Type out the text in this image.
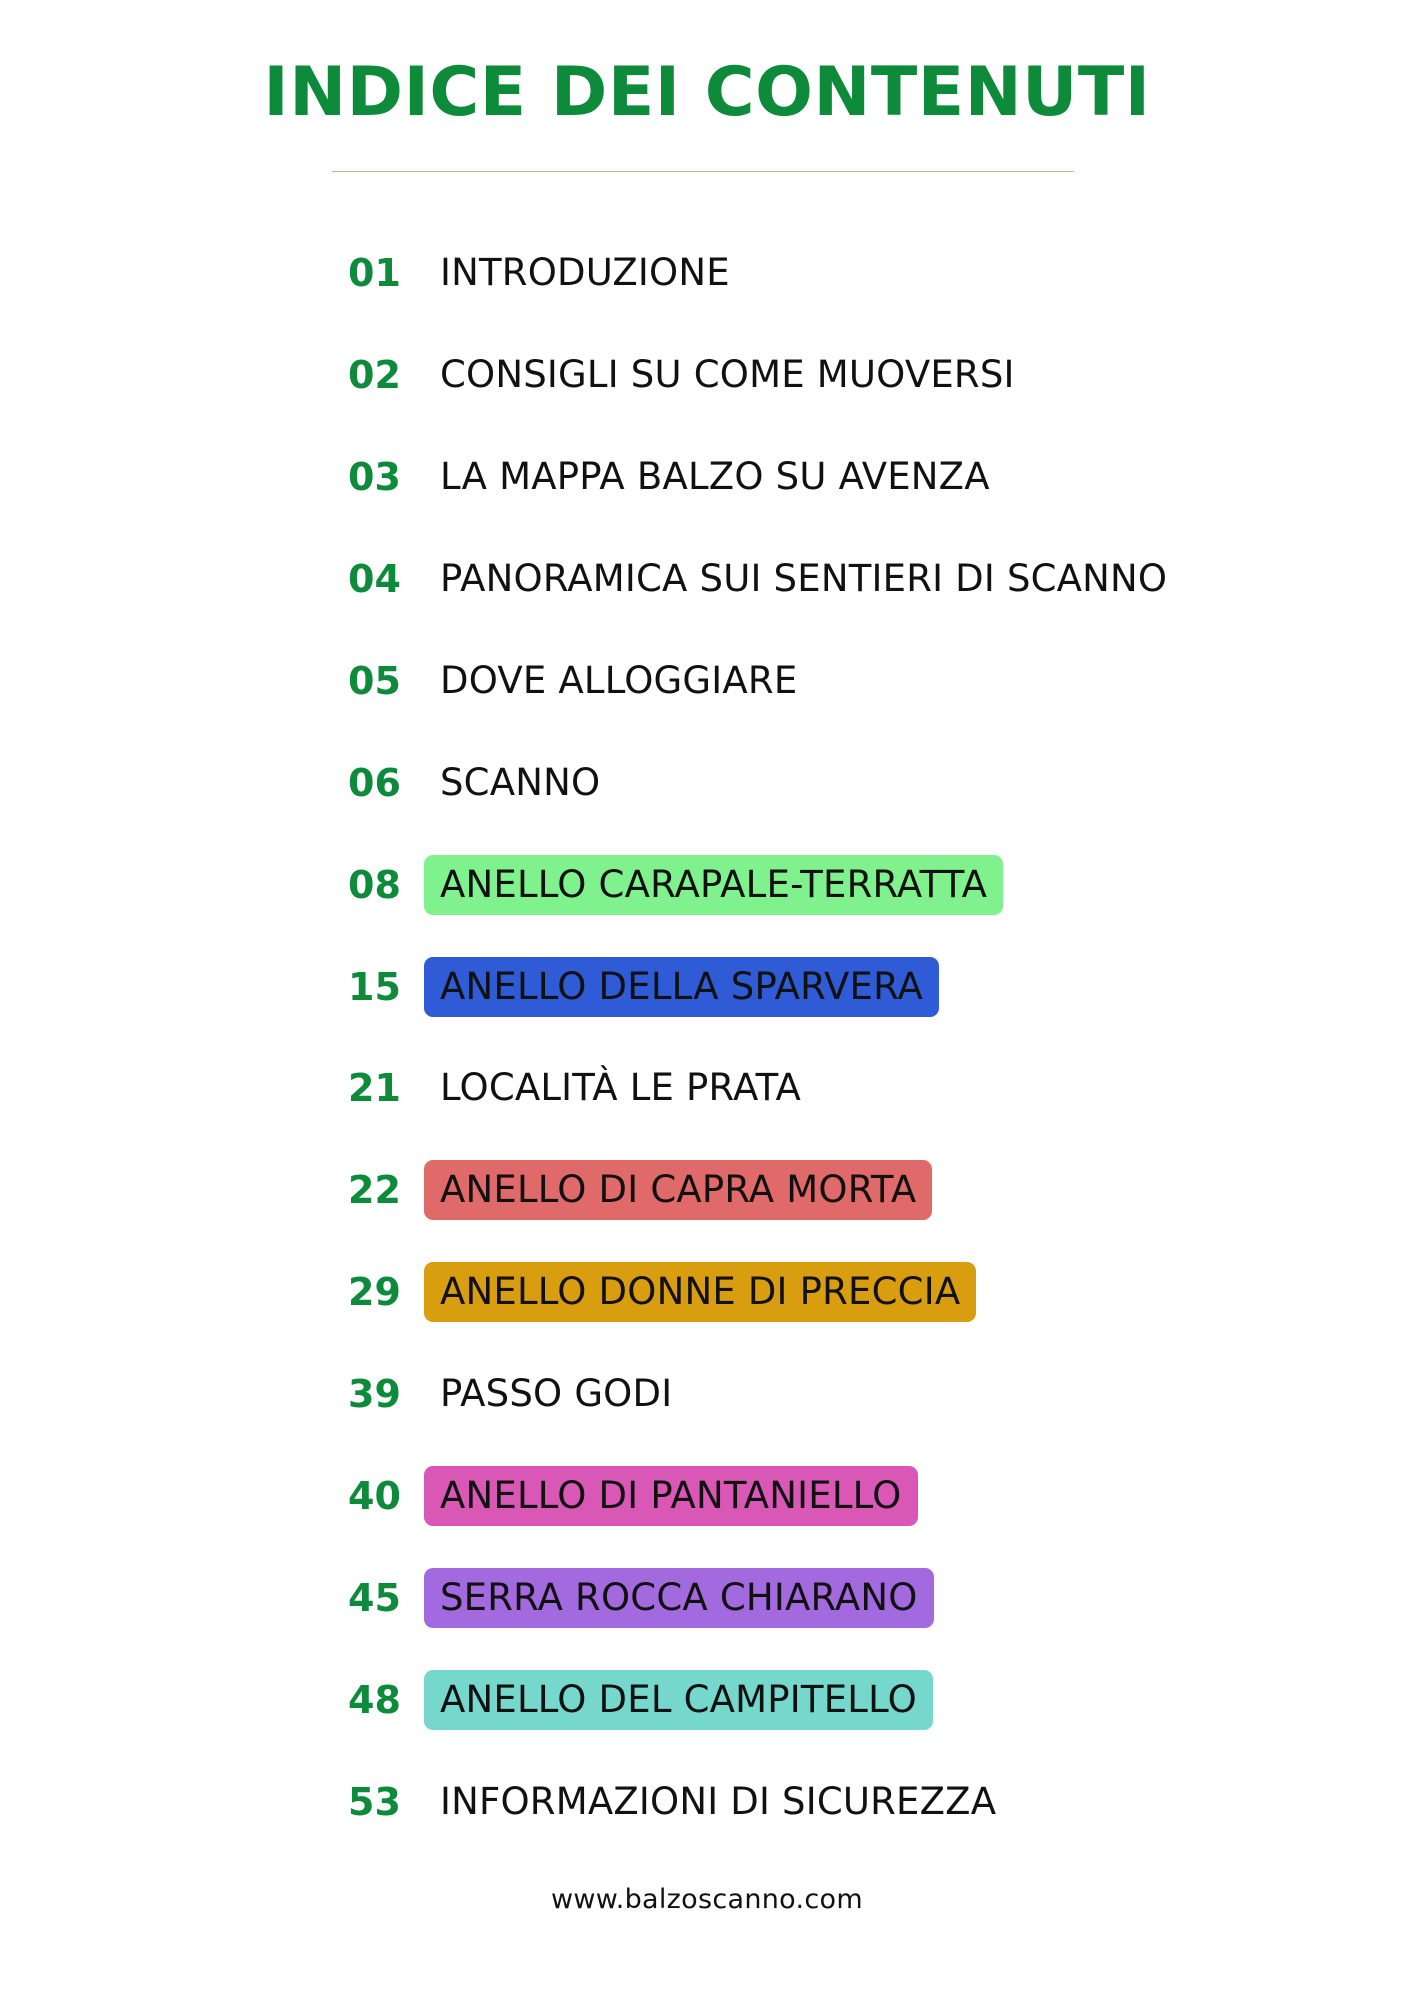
INDICE DEI CONTENUTI
01	INTRODUZIONE
02	CONSIGLI SU COME MUOVERSI
03	LA MAPPA BALZO SU AVENZA
04	PANORAMICA SUI SENTIERI DI SCANNO
05	DOVE ALLOGGIARE
06	SCANNO
08	ANELLO CARAPALE-TERRATTA
15	ANELLO DELLA SPARVERA
21	LOCALITÀ LE PRATA
22	ANELLO DI CAPRA MORTA
29	ANELLO DONNE DI PRECCIA
39	PASSO GODI
40	ANELLO DI PANTANIELLO
45	SERRA ROCCA CHIARANO
48	ANELLO DEL CAMPITELLO
53	INFORMAZIONI DI SICUREZZA
www.balzoscanno.com
